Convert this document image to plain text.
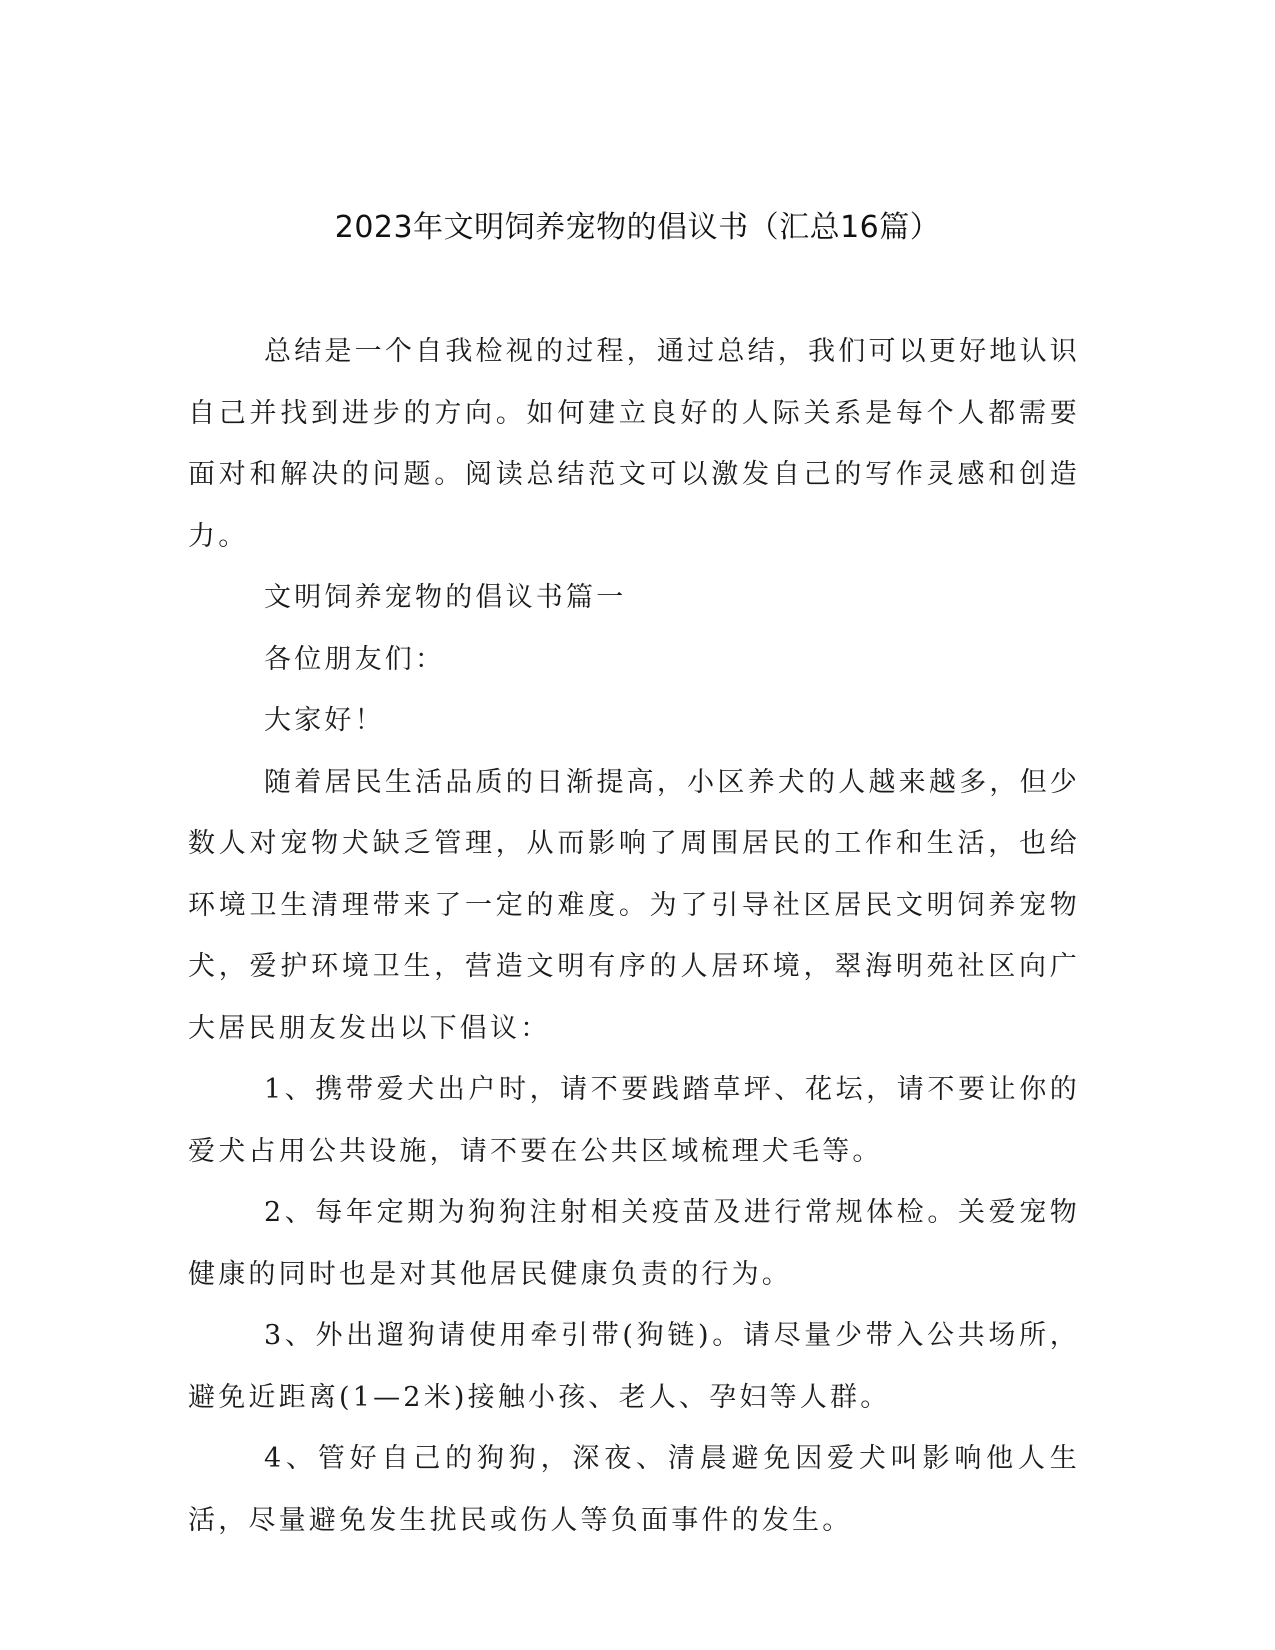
2023年文明饲养宠物的倡议书（汇总16篇）

总结是一个自我检视的过程，通过总结，我们可以更好地认识自己并找到进步的方向。如何建立良好的人际关系是每个人都需要面对和解决的问题。阅读总结范文可以激发自己的写作灵感和创造力。

文明饲养宠物的倡议书篇一

各位朋友们：

大家好！

随着居民生活品质的日渐提高，小区养犬的人越来越多，但少数人对宠物犬缺乏管理，从而影响了周围居民的工作和生活，也给环境卫生清理带来了一定的难度。为了引导社区居民文明饲养宠物犬，爱护环境卫生，营造文明有序的人居环境，翠海明苑社区向广大居民朋友发出以下倡议：

1、携带爱犬出户时，请不要践踏草坪、花坛，请不要让你的爱犬占用公共设施，请不要在公共区域梳理犬毛等。

2、每年定期为狗狗注射相关疫苗及进行常规体检。关爱宠物健康的同时也是对其他居民健康负责的行为。

3、外出遛狗请使用牵引带(狗链)。请尽量少带入公共场所，避免近距离(1—2米)接触小孩、老人、孕妇等人群。

4、管好自己的狗狗，深夜、清晨避免因爱犬叫影响他人生活，尽量避免发生扰民或伤人等负面事件的发生。
